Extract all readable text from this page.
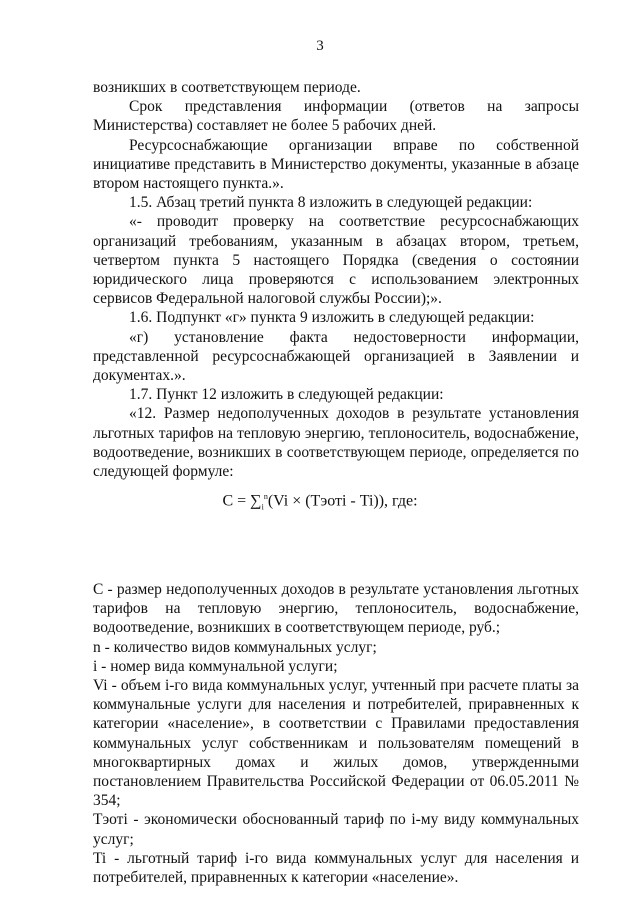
3

возникших в соответствующем периоде.

Срок представления информации (ответов на запросы Министерства) составляет не более 5 рабочих дней.

Ресурсоснабжающие организации вправе по собственной инициативе представить в Министерство документы, указанные в абзаце втором настоящего пункта.».

1.5. Абзац третий пункта 8 изложить в следующей редакции:

«- проводит проверку на соответствие ресурсоснабжающих организаций требованиям, указанным в абзацах втором, третьем, четвертом пункта 5 настоящего Порядка (сведения о состоянии юридического лица проверяются с использованием электронных сервисов Федеральной налоговой службы России);».

1.6. Подпункт «г» пункта 9 изложить в следующей редакции:

«г) установление факта недостоверности информации, представленной ресурсоснабжающей организацией в Заявлении и документах.».

1.7. Пункт 12 изложить в следующей редакции:

«12. Размер недополученных доходов в результате установления льготных тарифов на тепловую энергию, теплоноситель, водоснабжение, водоотведение, возникших в соответствующем периоде, определяется по следующей формуле:

$C = \sum_i^n(Vi$ × (Тэоті - Ti)), где:

C - размер недополученных доходов в результате установления льготных тарифов на тепловую энергию, теплоноситель, водоснабжение, водоотведение, возникших в соответствующем периоде, руб.;

n - количество видов коммунальных услуг;

i - номер вида коммунальной услуги;

Vi - объем i-го вида коммунальных услуг, учтенный при расчете платы за коммунальные услуги для населения и потребителей, приравненных к категории «население», в соответствии с Правилами предоставления коммунальных услуг собственникам и пользователям помещений в многоквартирных домах и жилых домов, утвержденными постановлением Правительства Российской Федерации от 06.05.2011 № 354;

Тэоті - экономически обоснованный тариф по i-му виду коммунальных услуг;

Ti - льготный тариф i-го вида коммунальных услуг для населения и потребителей, приравненных к категории «население».
